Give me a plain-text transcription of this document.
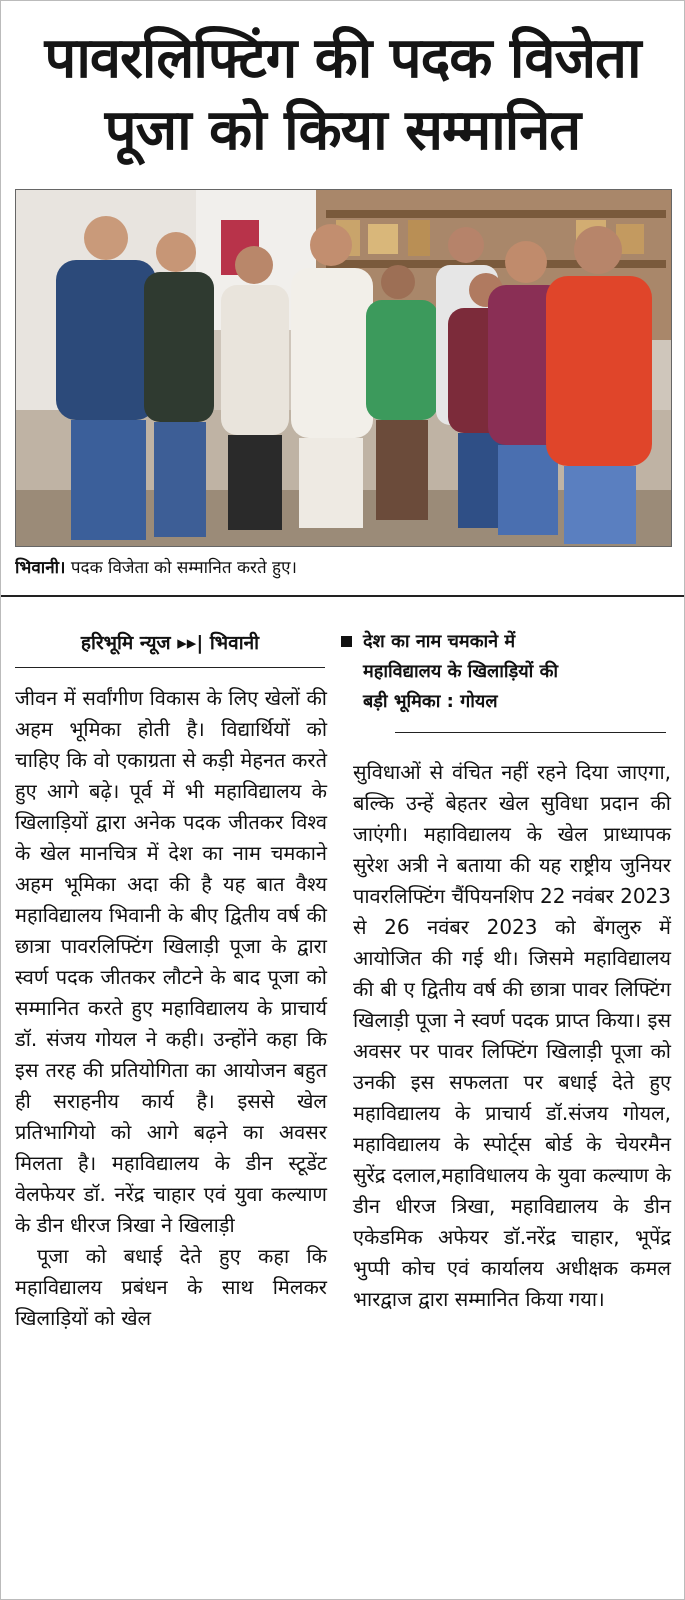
पावरलिफ्टिंग की पदक विजेता
पूजा को किया सम्मानित
भिवानी। पदक विजेता को सम्मानित करते हुए।
हरिभूमि न्यूज ▸▸| भिवानी	देश का नाम चमकाने में
महाविद्यालय के खिलाड़ियों की
बड़ी भूमिका : गोयल

जीवन में सर्वांगीण विकास के लिए खेलों की अहम भूमिका होती है। विद्यार्थियों को चाहिए कि वो एकाग्रता से कड़ी मेहनत करते हुए आगे बढ़े। पूर्व में भी महाविद्यालय के खिलाड़ियों द्वारा अनेक पदक जीतकर विश्व के खेल मानचित्र में देश का नाम चमकाने अहम भूमिका अदा की है यह बात वैश्य महाविद्यालय भिवानी के बीए द्वितीय वर्ष की छात्रा पावरलिफ्टिंग खिलाड़ी पूजा के द्वारा स्वर्ण पदक जीतकर लौटने के बाद पूजा को सम्मानित करते हुए महाविद्यालय के प्राचार्य डॉ. संजय गोयल ने कही। उन्होंने कहा कि इस तरह की प्रतियोगिता का आयोजन बहुत ही सराहनीय कार्य है। इससे खेल प्रतिभागियो को आगे बढ़ने का अवसर मिलता है। महाविद्यालय के डीन स्टूडेंट वेलफेयर डॉ. नरेंद्र चाहार एवं युवा कल्याण के डीन धीरज त्रिखा ने खिलाड़ी

पूजा को बधाई देते हुए कहा कि महाविद्यालय प्रबंधन के साथ मिलकर खिलाड़ियों को खेल

सुविधाओं से वंचित नहीं रहने दिया जाएगा, बल्कि उन्हें बेहतर खेल सुविधा प्रदान की जाएंगी। महाविद्यालय के खेल प्राध्यापक सुरेश अत्री ने बताया की यह राष्ट्रीय जुनियर पावरलिफ्टिंग चैंपियनशिप 22 नवंबर 2023 से 26 नवंबर 2023 को बेंगलुरु में आयोजित की गई थी। जिसमे महाविद्यालय की बी ए द्वितीय वर्ष की छात्रा पावर लिफ्टिंग खिलाड़ी पूजा ने स्वर्ण पदक प्राप्त किया। इस अवसर पर पावर लिफ्टिंग खिलाड़ी पूजा को उनकी इस सफलता पर बधाई देते हुए महाविद्यालय के प्राचार्य डॉ.संजय गोयल, महाविद्यालय के स्पोर्ट्स बोर्ड के चेयरमैन सुरेंद्र दलाल,महाविधालय के युवा कल्याण के डीन धीरज त्रिखा, महाविद्यालय के डीन एकेडमिक अफेयर डॉ.नरेंद्र चाहार, भूपेंद्र भुप्पी कोच एवं कार्यालय अधीक्षक कमल भारद्वाज द्वारा सम्मानित किया गया।
